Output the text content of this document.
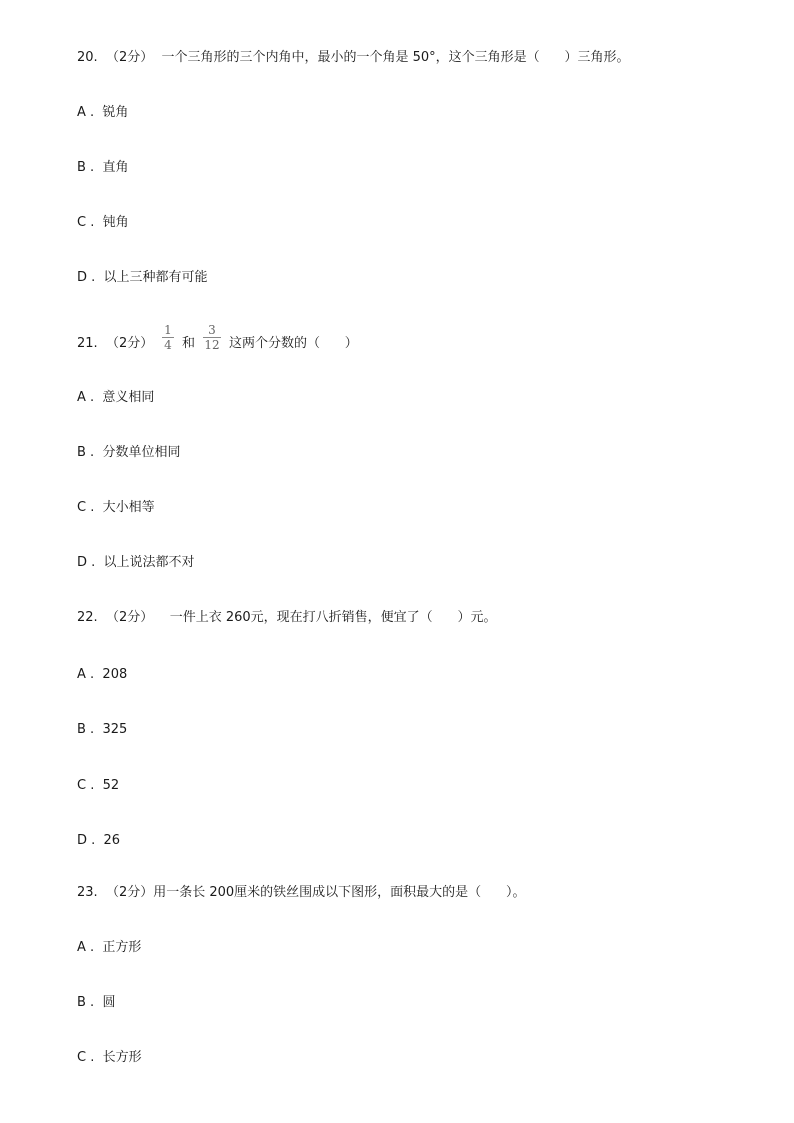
20.  （2分）  一个三角形的三个内角中，最小的一个角是 50°，这个三角形是（      ）三角形。
A .  锐角
B .  直角
C .  钝角
D .  以上三种都有可能
21.  （2分）
1
4 和
3
12 这两个分数的（      ）
A .  意义相同
B .  分数单位相同
C .  大小相等
D .  以上说法都不对
22.  （2分）    一件上衣 260元，现在打八折销售，便宜了（      ）元。
A .  208
B .  325
C .  52
D .  26
23.  （2分）用一条长 200厘米的铁丝围成以下图形，面积最大的是（      ）。
A .  正方形
B .  圆
C .  长方形
